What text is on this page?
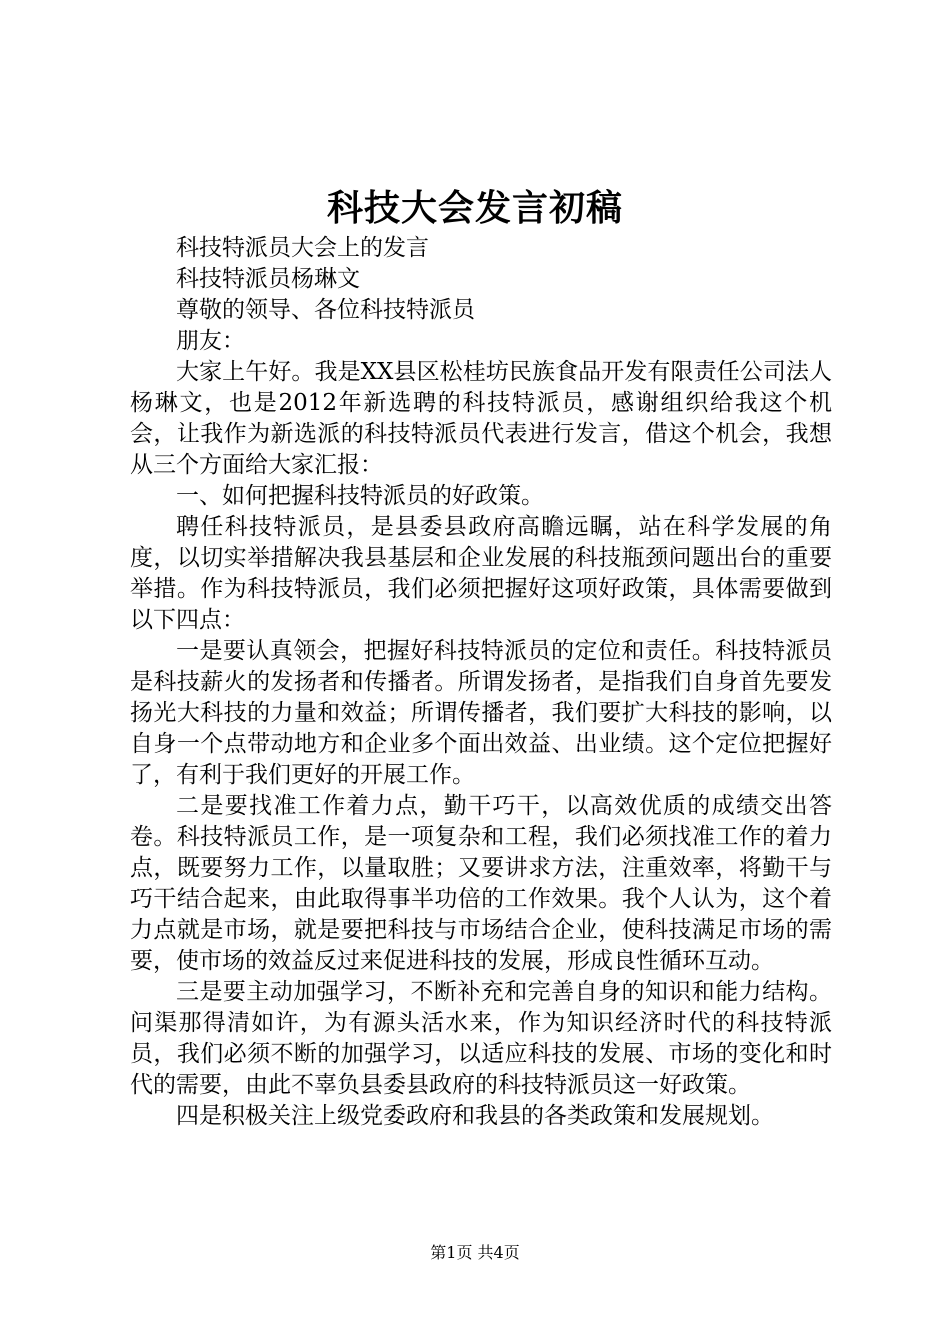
科技大会发言初稿

科技特派员大会上的发言

科技特派员杨琳文

尊敬的领导、各位科技特派员

朋友：

大家上午好。我是XX县区松桂坊民族食品开发有限责任公司法人杨琳文，也是2012年新选聘的科技特派员，感谢组织给我这个机会，让我作为新选派的科技特派员代表进行发言，借这个机会，我想从三个方面给大家汇报：

一、如何把握科技特派员的好政策。

聘任科技特派员，是县委县政府高瞻远瞩，站在科学发展的角度，以切实举措解决我县基层和企业发展的科技瓶颈问题出台的重要举措。作为科技特派员，我们必须把握好这项好政策，具体需要做到以下四点：

一是要认真领会，把握好科技特派员的定位和责任。科技特派员是科技薪火的发扬者和传播者。所谓发扬者，是指我们自身首先要发扬光大科技的力量和效益；所谓传播者，我们要扩大科技的影响，以自身一个点带动地方和企业多个面出效益、出业绩。这个定位把握好了，有利于我们更好的开展工作。

二是要找准工作着力点，勤干巧干，以高效优质的成绩交出答卷。科技特派员工作，是一项复杂和工程，我们必须找准工作的着力点，既要努力工作，以量取胜；又要讲求方法，注重效率，将勤干与巧干结合起来，由此取得事半功倍的工作效果。我个人认为，这个着力点就是市场，就是要把科技与市场结合企业，使科技满足市场的需要，使市场的效益反过来促进科技的发展，形成良性循环互动。

三是要主动加强学习，不断补充和完善自身的知识和能力结构。问渠那得清如许，为有源头活水来，作为知识经济时代的科技特派员，我们必须不断的加强学习，以适应科技的发展、市场的变化和时代的需要，由此不辜负县委县政府的科技特派员这一好政策。

四是积极关注上级党委政府和我县的各类政策和发展规划。

第1页 共4页
